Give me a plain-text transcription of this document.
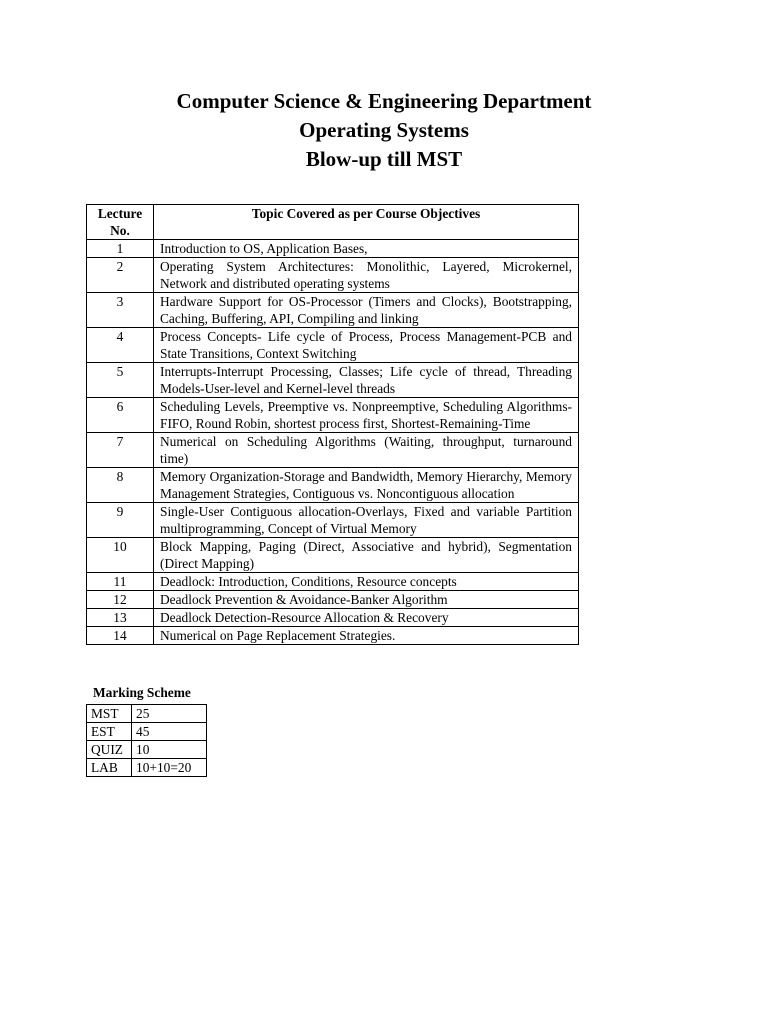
Computer Science & Engineering Department
Operating Systems
Blow-up till MST
Lecture No.	Topic Covered as per Course Objectives
1	Introduction to OS, Application Bases,
2	Operating System Architectures: Monolithic, Layered, Microkernel, Network and distributed operating systems
3	Hardware Support for OS-Processor (Timers and Clocks), Bootstrapping, Caching, Buffering, API, Compiling and linking
4	Process Concepts- Life cycle of Process, Process Management-PCB and State Transitions, Context Switching
5	Interrupts-Interrupt Processing, Classes; Life cycle of thread, Threading Models-User-level and Kernel-level threads
6	Scheduling Levels, Preemptive vs. Nonpreemptive, Scheduling Algorithms-FIFO, Round Robin, shortest process first, Shortest-Remaining-Time
7	Numerical on Scheduling Algorithms (Waiting, throughput, turnaround time)
8	Memory Organization-Storage and Bandwidth, Memory Hierarchy, Memory Management Strategies, Contiguous vs. Noncontiguous allocation
9	Single-User Contiguous allocation-Overlays, Fixed and variable Partition multiprogramming, Concept of Virtual Memory
10	Block Mapping, Paging (Direct, Associative and hybrid), Segmentation (Direct Mapping)
11	Deadlock: Introduction, Conditions, Resource concepts
12	Deadlock Prevention & Avoidance-Banker Algorithm
13	Deadlock Detection-Resource Allocation & Recovery
14	Numerical on Page Replacement Strategies.
Marking Scheme
MST	25
EST	45
QUIZ	10
LAB	10+10=20
